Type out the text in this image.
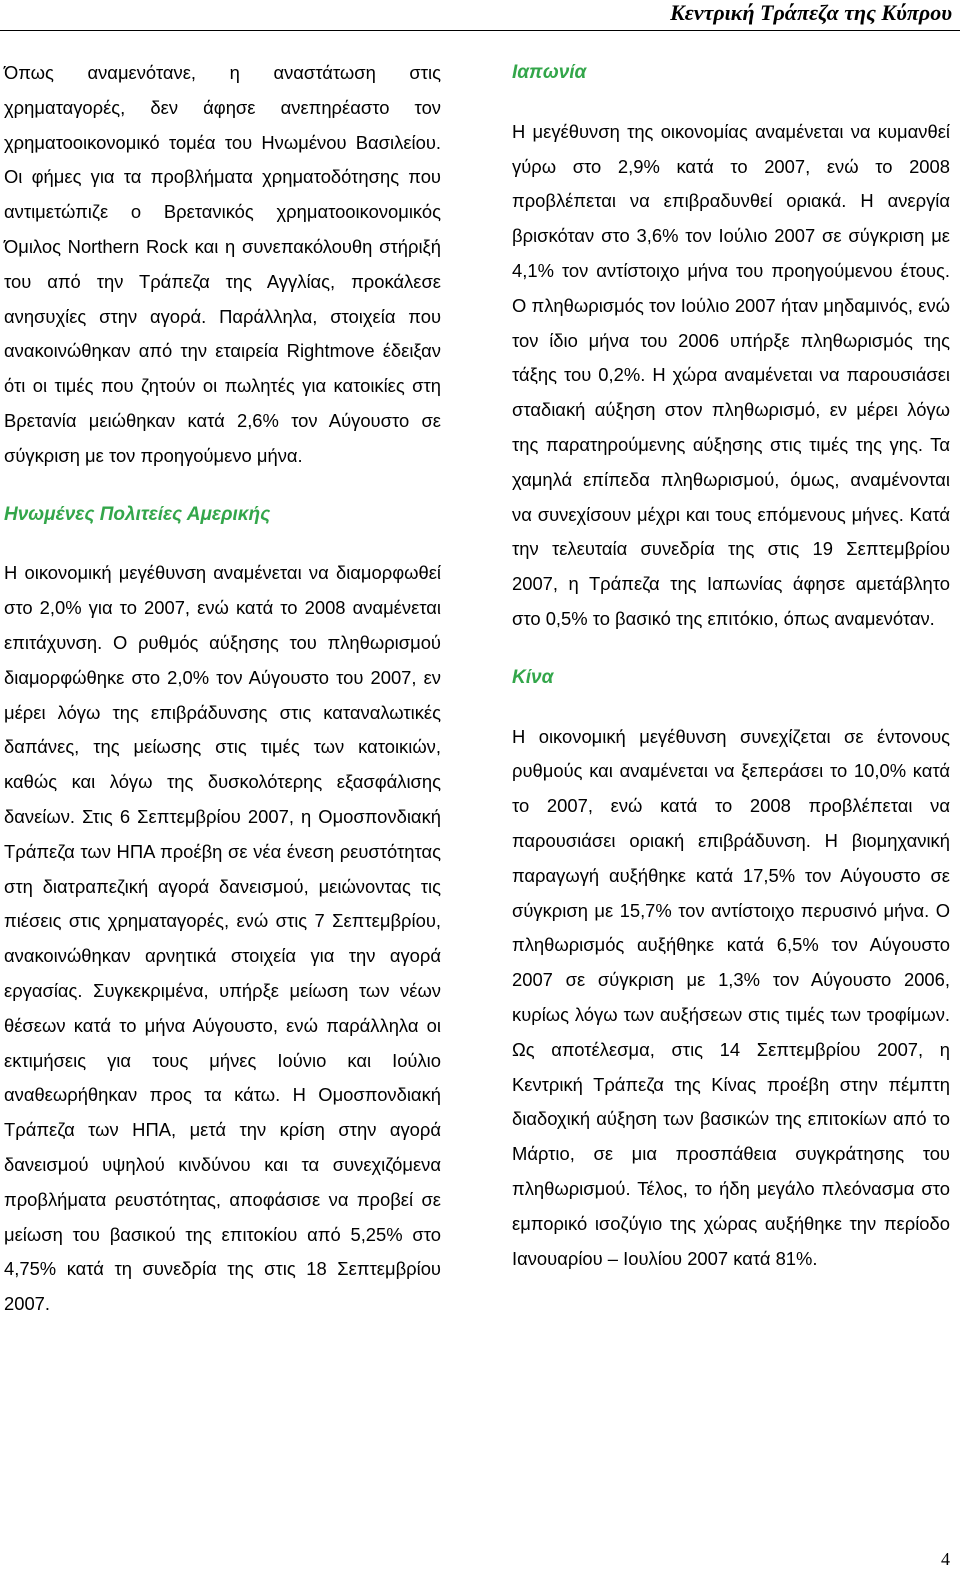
Κεντρική Τράπεζα της Κύπρου

Όπως αναμενότανε, η αναστάτωση στις χρηματαγορές, δεν άφησε ανεπηρέαστο τον χρηματοοικονομικό τομέα του Ηνωμένου Βασιλείου. Οι φήμες για τα προβλήματα χρηματοδότησης που αντιμετώπιζε ο Βρετανικός χρηματοοικονομικός Όμιλος Northern Rock και η συνεπακόλουθη στήριξή του από την Τράπεζα της Αγγλίας, προκάλεσε ανησυχίες στην αγορά. Παράλληλα, στοιχεία που ανακοινώθηκαν από την εταιρεία Rightmove έδειξαν ότι οι τιμές που ζητούν οι πωλητές για κατοικίες στη Βρετανία μειώθηκαν κατά 2,6% τον Αύγουστο σε σύγκριση με τον προηγούμενο μήνα.

Ηνωμένες Πολιτείες Αμερικής

Η οικονομική μεγέθυνση αναμένεται να διαμορφωθεί στο 2,0% για το 2007, ενώ κατά το 2008 αναμένεται επιτάχυνση. Ο ρυθμός αύξησης του πληθωρισμού διαμορφώθηκε στο 2,0% τον Αύγουστο του 2007, εν μέρει λόγω της επιβράδυνσης στις καταναλωτικές δαπάνες, της μείωσης στις τιμές των κατοικιών, καθώς και λόγω της δυσκολότερης εξασφάλισης δανείων. Στις 6 Σεπτεμβρίου 2007, η Ομοσπονδιακή Τράπεζα των ΗΠΑ προέβη σε νέα ένεση ρευστότητας στη διατραπεζική αγορά δανεισμού, μειώνοντας τις πιέσεις στις χρηματαγορές, ενώ στις 7 Σεπτεμβρίου, ανακοινώθηκαν αρνητικά στοιχεία για την αγορά εργασίας. Συγκεκριμένα, υπήρξε μείωση των νέων θέσεων κατά το μήνα Αύγουστο, ενώ παράλληλα οι εκτιμήσεις για τους μήνες Ιούνιο και Ιούλιο αναθεωρήθηκαν προς τα κάτω. Η Ομοσπονδιακή Τράπεζα των ΗΠΑ, μετά την κρίση στην αγορά δανεισμού υψηλού κινδύνου και τα συνεχιζόμενα προβλήματα ρευστότητας, αποφάσισε να προβεί σε μείωση του βασικού της επιτοκίου από 5,25% στο 4,75% κατά τη συνεδρία της στις 18 Σεπτεμβρίου 2007.

Ιαπωνία

Η μεγέθυνση της οικονομίας αναμένεται να κυμανθεί γύρω στο 2,9% κατά το 2007, ενώ το 2008 προβλέπεται να επιβραδυνθεί οριακά. Η ανεργία βρισκόταν στο 3,6% τον Ιούλιο 2007 σε σύγκριση με 4,1% τον αντίστοιχο μήνα του προηγούμενου έτους. Ο πληθωρισμός τον Ιούλιο 2007 ήταν μηδαμινός, ενώ τον ίδιο μήνα του 2006 υπήρξε πληθωρισμός της τάξης του 0,2%. Η χώρα αναμένεται να παρουσιάσει σταδιακή αύξηση στον πληθωρισμό, εν μέρει λόγω της παρατηρούμενης αύξησης στις τιμές της γης. Τα χαμηλά επίπεδα πληθωρισμού, όμως, αναμένονται να συνεχίσουν μέχρι και τους επόμενους μήνες. Κατά την τελευταία συνεδρία της στις 19 Σεπτεμβρίου 2007, η Τράπεζα της Ιαπωνίας άφησε αμετάβλητο στο 0,5% το βασικό της επιτόκιο, όπως αναμενόταν.

Κίνα

Η οικονομική μεγέθυνση συνεχίζεται σε έντονους ρυθμούς και αναμένεται να ξεπεράσει το 10,0% κατά το 2007, ενώ κατά το 2008 προβλέπεται να παρουσιάσει οριακή επιβράδυνση. Η βιομηχανική παραγωγή αυξήθηκε κατά 17,5% τον Αύγουστο σε σύγκριση με 15,7% τον αντίστοιχο περυσινό μήνα. Ο πληθωρισμός αυξήθηκε κατά 6,5% τον Αύγουστο 2007 σε σύγκριση με 1,3% τον Αύγουστο 2006, κυρίως λόγω των αυξήσεων στις τιμές των τροφίμων. Ως αποτέλεσμα, στις 14 Σεπτεμβρίου 2007, η Κεντρική Τράπεζα της Κίνας προέβη στην πέμπτη διαδοχική αύξηση των βασικών της επιτοκίων από το Μάρτιο, σε μια προσπάθεια συγκράτησης του πληθωρισμού. Τέλος, το ήδη μεγάλο πλεόνασμα στο εμπορικό ισοζύγιο της χώρας αυξήθηκε την περίοδο Ιανουαρίου – Ιουλίου 2007 κατά 81%.

4
